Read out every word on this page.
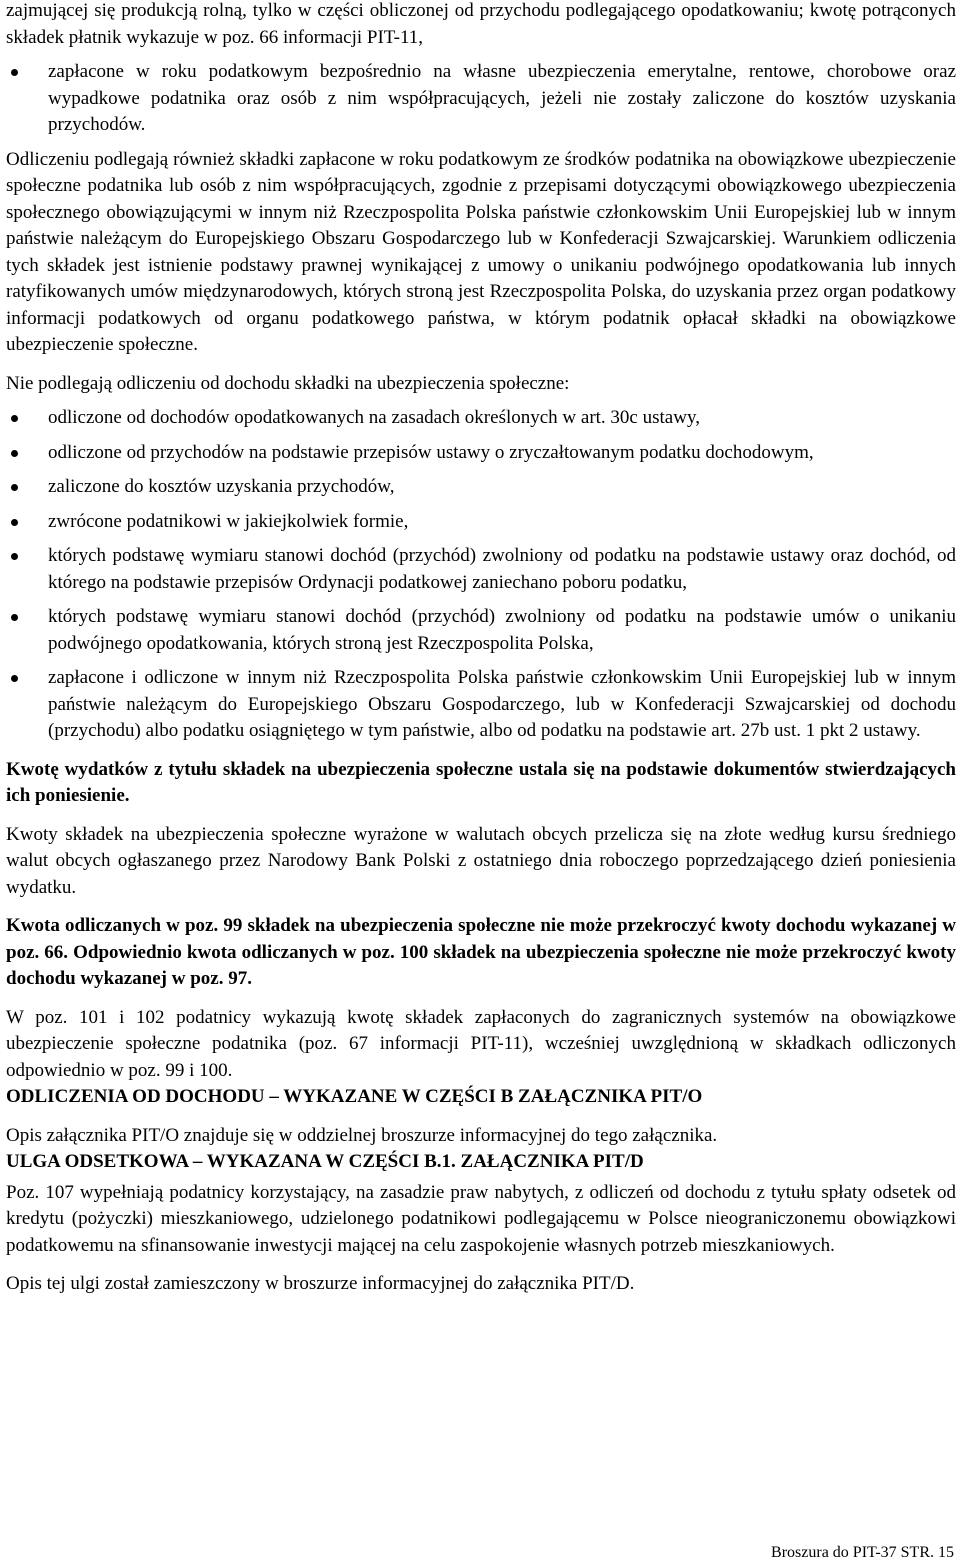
zajmującej się produkcją rolną, tylko w części obliczonej od przychodu podlegającego opodatkowaniu; kwotę potrąconych składek płatnik wykazuje w poz. 66 informacji PIT-11,

zapłacone w roku podatkowym bezpośrednio na własne ubezpieczenia emerytalne, rentowe, chorobowe oraz wypadkowe podatnika oraz osób z nim współpracujących, jeżeli nie zostały zaliczone do kosztów uzyskania przychodów.

Odliczeniu podlegają również składki zapłacone w roku podatkowym ze środków podatnika na obowiązkowe ubezpieczenie społeczne podatnika lub osób z nim współpracujących, zgodnie z przepisami dotyczącymi obowiązkowego ubezpieczenia społecznego obowiązującymi w innym niż Rzeczpospolita Polska państwie członkowskim Unii Europejskiej lub w innym państwie należącym do Europejskiego Obszaru Gospodarczego lub w Konfederacji Szwajcarskiej. Warunkiem odliczenia tych składek jest istnienie podstawy prawnej wynikającej z umowy o unikaniu podwójnego opodatkowania lub innych ratyfikowanych umów międzynarodowych, których stroną jest Rzeczpospolita Polska, do uzyskania przez organ podatkowy informacji podatkowych od organu podatkowego państwa, w którym podatnik opłacał składki na obowiązkowe ubezpieczenie społeczne.

Nie podlegają odliczeniu od dochodu składki na ubezpieczenia społeczne:

odliczone od dochodów opodatkowanych na zasadach określonych w art. 30c ustawy,
odliczone od przychodów na podstawie przepisów ustawy o zryczałtowanym podatku dochodowym,
zaliczone do kosztów uzyskania przychodów,
zwrócone podatnikowi w jakiejkolwiek formie,
których podstawę wymiaru stanowi dochód (przychód) zwolniony od podatku na podstawie ustawy oraz dochód, od którego na podstawie przepisów Ordynacji podatkowej zaniechano poboru podatku,
których podstawę wymiaru stanowi dochód (przychód) zwolniony od podatku na podstawie umów o unikaniu podwójnego opodatkowania, których stroną jest Rzeczpospolita Polska,
zapłacone i odliczone w innym niż Rzeczpospolita Polska państwie członkowskim Unii Europejskiej lub w innym państwie należącym do Europejskiego Obszaru Gospodarczego, lub w Konfederacji Szwajcarskiej od dochodu (przychodu) albo podatku osiągniętego w tym państwie, albo od podatku na podstawie art. 27b ust. 1 pkt 2 ustawy.

Kwotę wydatków z tytułu składek na ubezpieczenia społeczne ustala się na podstawie dokumentów stwierdzających ich poniesienie.

Kwoty składek na ubezpieczenia społeczne wyrażone w walutach obcych przelicza się na złote według kursu średniego walut obcych ogłaszanego przez Narodowy Bank Polski z ostatniego dnia roboczego poprzedzającego dzień poniesienia wydatku.

Kwota odliczanych w poz. 99 składek na ubezpieczenia społeczne nie może przekroczyć kwoty dochodu wykazanej w poz. 66. Odpowiednio kwota odliczanych w poz. 100 składek na ubezpieczenia społeczne nie może przekroczyć kwoty dochodu wykazanej w poz. 97.

W poz. 101 i 102 podatnicy wykazują kwotę składek zapłaconych do zagranicznych systemów na obowiązkowe ubezpieczenie społeczne podatnika (poz. 67 informacji PIT-11), wcześniej uwzględnioną w składkach odliczonych odpowiednio w poz. 99 i 100.

ODLICZENIA OD DOCHODU – WYKAZANE W CZĘŚCI B ZAŁĄCZNIKA PIT/O

Opis załącznika PIT/O znajduje się w oddzielnej broszurze informacyjnej do tego załącznika.

ULGA ODSETKOWA – WYKAZANA W CZĘŚCI B.1. ZAŁĄCZNIKA PIT/D

Poz. 107 wypełniają podatnicy korzystający, na zasadzie praw nabytych, z odliczeń od dochodu z tytułu spłaty odsetek od kredytu (pożyczki) mieszkaniowego, udzielonego podatnikowi podlegającemu w Polsce nieograniczonemu obowiązkowi podatkowemu na sfinansowanie inwestycji mającej na celu zaspokojenie własnych potrzeb mieszkaniowych.

Opis tej ulgi został zamieszczony w broszurze informacyjnej do załącznika PIT/D.

Broszura do PIT-37 STR. 15
